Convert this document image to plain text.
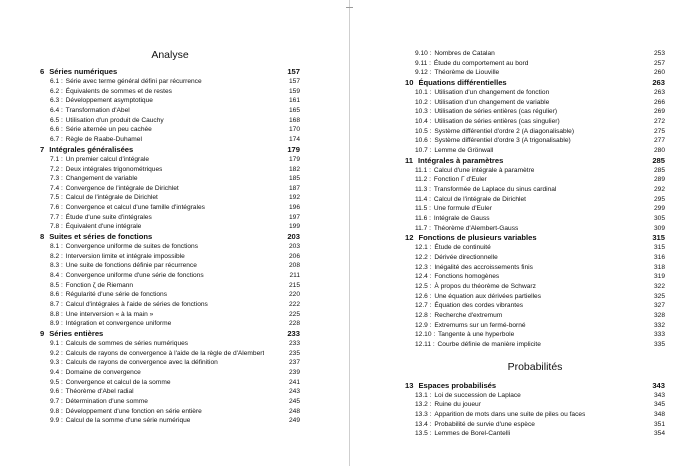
Analyse
6 Séries numériques	157
6.1 : Série avec terme général défini par récurrence	157
6.2 : Équivalents de sommes et de restes	159
6.3 : Développement asymptotique	161
6.4 : Transformation d'Abel	165
6.5 : Utilisation d'un produit de Cauchy	168
6.6 : Série alternée un peu cachée	170
6.7 : Règle de Raabe-Duhamel	174
7 Intégrales généralisées	179
7.1 : Un premier calcul d'intégrale	179
7.2 : Deux intégrales trigonométriques	182
7.3 : Changement de variable	185
7.4 : Convergence de l'intégrale de Dirichlet	187
7.5 : Calcul de l'intégrale de Dirichlet	192
7.6 : Convergence et calcul d'une famille d'intégrales	196
7.7 : Étude d'une suite d'intégrales	197
7.8 : Équivalent d'une intégrale	199
8 Suites et séries de fonctions	203
8.1 : Convergence uniforme de suites de fonctions	203
8.2 : Interversion limite et intégrale impossible	206
8.3 : Une suite de fonctions définie par récurrence	208
8.4 : Convergence uniforme d'une série de fonctions	211
8.5 : Fonction ζ de Riemann	215
8.6 : Régularité d'une série de fonctions	220
8.7 : Calcul d'intégrales à l'aide de séries de fonctions	222
8.8 : Une interversion « à la main »	225
8.9 : Intégration et convergence uniforme	228
9 Séries entières	233
9.1 : Calculs de sommes de séries numériques	233
9.2 : Calculs de rayons de convergence à l'aide de la règle de d'Alembert	235
9.3 : Calculs de rayons de convergence avec la définition	237
9.4 : Domaine de convergence	239
9.5 : Convergence et calcul de la somme	241
9.6 : Théorème d'Abel radial	243
9.7 : Détermination d'une somme	245
9.8 : Développement d'une fonction en série entière	248
9.9 : Calcul de la somme d'une série numérique	249
9.10 : Nombres de Catalan	253
9.11 : Étude du comportement au bord	257
9.12 : Théorème de Liouville	260
10 Équations différentielles	263
10.1 : Utilisation d'un changement de fonction	263
10.2 : Utilisation d'un changement de variable	266
10.3 : Utilisation de séries entières (cas régulier)	269
10.4 : Utilisation de séries entières (cas singulier)	272
10.5 : Système différentiel d'ordre 2 (A diagonalisable)	275
10.6 : Système différentiel d'ordre 3 (A trigonalisable)	277
10.7 : Lemme de Grönwall	280
11 Intégrales à paramètres	285
11.1 : Calcul d'une intégrale à paramètre	285
11.2 : Fonction Γ d'Euler	289
11.3 : Transformée de Laplace du sinus cardinal	292
11.4 : Calcul de l'intégrale de Dirichlet	295
11.5 : Une formule d'Euler	299
11.6 : Intégrale de Gauss	305
11.7 : Théorème d'Alembert-Gauss	309
12 Fonctions de plusieurs variables	315
12.1 : Étude de continuité	315
12.2 : Dérivée directionnelle	316
12.3 : Inégalité des accroissements finis	318
12.4 : Fonctions homogènes	319
12.5 : À propos du théorème de Schwarz	322
12.6 : Une équation aux dérivées partielles	325
12.7 : Équation des cordes vibrantes	327
12.8 : Recherche d'extremum	328
12.9 : Extremums sur un fermé-borné	332
12.10 : Tangente à une hyperbole	333
12.11 : Courbe définie de manière implicite	335
Probabilités
13 Espaces probabilisés	343
13.1 : Loi de succession de Laplace	343
13.2 : Ruine du joueur	345
13.3 : Apparition de mots dans une suite de piles ou faces	348
13.4 : Probabilité de survie d'une espèce	351
13.5 : Lemmes de Borel-Cantelli	354
